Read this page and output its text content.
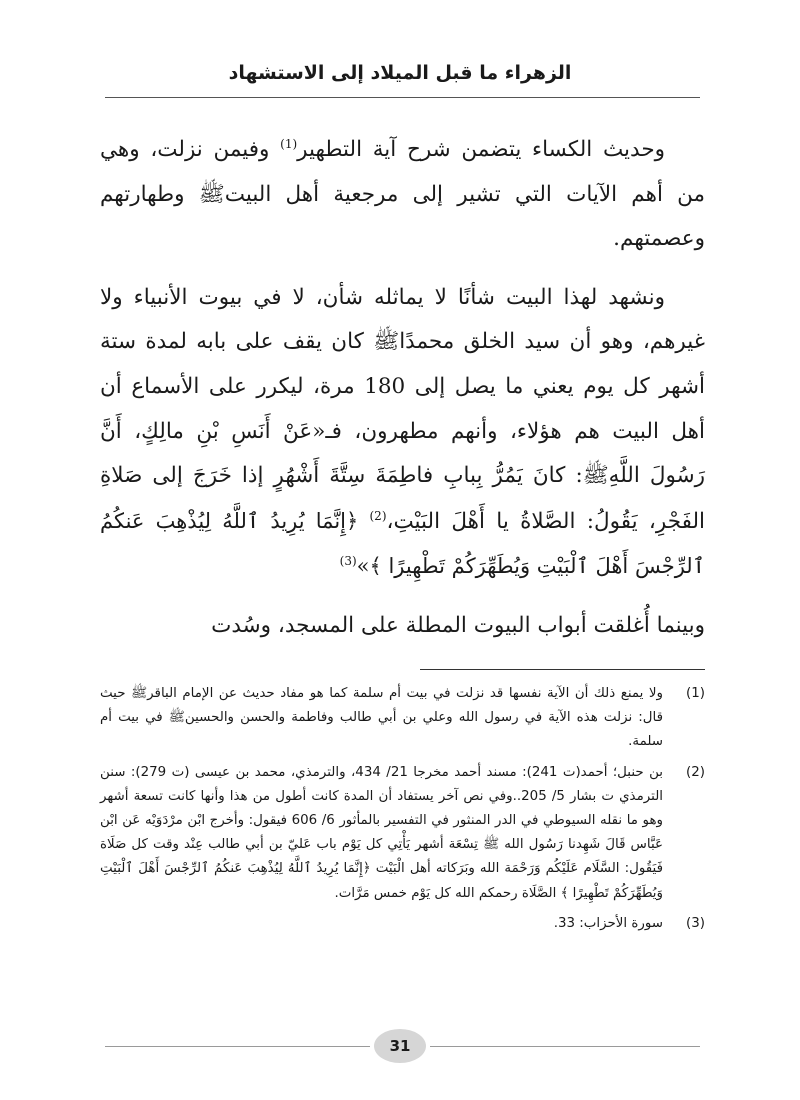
الزهراء ما قبل الميلاد إلى الاستشهاد

وحديث الكساء يتضمن شرح آية التطهير$^{(1)}$ وفيمن نزلت، وهي من أهم الآيات التي تشير إلى مرجعية أهل البيتﷺ وطهارتهم وعصمتهم.

ونشهد لهذا البيت شأنًا لا يماثله شأن، لا في بيوت الأنبياء ولا غيرهم، وهو أن سيد الخلق محمدًاﷺ كان يقف على بابه لمدة ستة أشهر كل يوم يعني ما يصل إلى 180 مرة، ليكرر على الأسماع أن أهل البيت هم هؤلاء، وأنهم مطهرون، فـ«عَنْ أَنَسِ بْنِ مالِكٍ، أَنَّ رَسُولَ اللَّهِﷺ: كانَ يَمُرُّ بِبابِ فاطِمَةَ سِتَّةَ أَشْهُرٍ إذا خَرَجَ إلى صَلاةِ الفَجْرِ، يَقُولُ: الصَّلاةُ يا أَهْلَ البَيْتِ،$^{(2)}$ ﴿إِنَّمَا يُرِيدُ ٱللَّهُ لِيُذْهِبَ عَنكُمُ ٱلرِّجْسَ أَهْلَ ٱلْبَيْتِ وَيُطَهِّرَكُمْ تَطْهِيرًا ﴾»$^{(3)}$

وبينما أُغلقت أبواب البيوت المطلة على المسجد، وسُدت

(1)
ولا يمنع ذلك أن الآية نفسها قد نزلت في بيت أم سلمة كما هو مفاد حديث عن الإمام الباقرﷺ حيث قال: نزلت هذه الآية في رسول الله وعلي بن أبي طالب وفاطمة والحسن والحسينﷺ في بيت أم سلمة.
(2)
بن حنبل؛ أحمد(ت 241): مسند أحمد مخرجا 21/ 434، والترمذي، محمد بن عيسى (ت 279): سنن الترمذي ت بشار 5/ 205..وفي نص آخر يستفاد أن المدة كانت أطول من هذا وأنها كانت تسعة أشهر وهو ما نقله السيوطي في الدر المنثور في التفسير بالمأثور 6/ 606 فيقول: وأخرج ابْن مرْدَوَيْه عَن ابْن عَبَّاس قَالَ شَهِدنا رَسُول الله ﷺ تِسْعَة أشهر يَأْتِي كل يَوْم باب عَليّ بن أبي طالب عِنْد وقت كل صَلَاة فَيَقُول: السَّلَام عَلَيْكُم وَرَحْمَة الله وبَرَكاته أهل الْبَيْت ﴿إِنَّمَا يُرِيدُ ٱللَّهُ لِيُذْهِبَ عَنكُمُ ٱلرِّجْسَ أَهْلَ ٱلْبَيْتِ وَيُطَهِّرَكُمْ تَطْهِيرًا ﴾ الصَّلَاة رحمكم الله كل يَوْم خمس مَرَّات.
(3)
سورة الأحزاب: 33.
31
